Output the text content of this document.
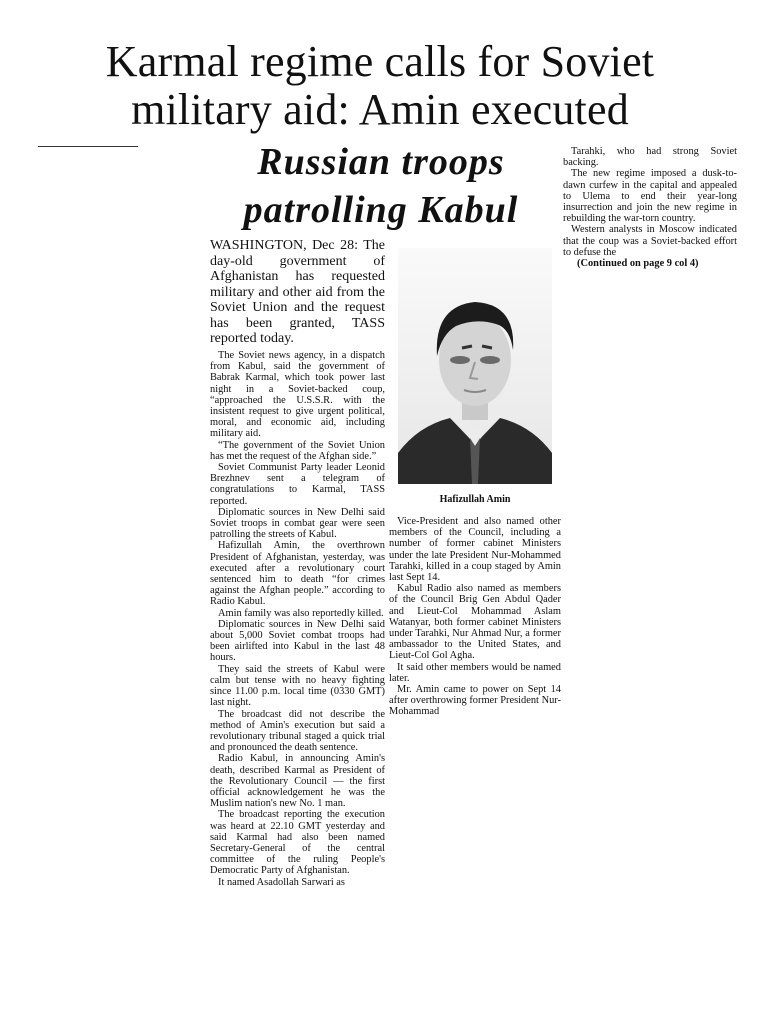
Karmal regime calls for Soviet
military aid: Amin executed
Russian troops
patrolling Kabul

WASHINGTON, Dec 28: The day-old government of Afghanistan has requested military and other aid from the Soviet Union and the request has been granted, TASS reported today.

The Soviet news agency, in a dispatch from Kabul, said the government of Babrak Karmal, which took power last night in a Soviet-backed coup, “approached the U.S.S.R. with the insistent request to give urgent political, moral, and economic aid, including military aid.

“The government of the Soviet Union has met the request of the Afghan side.”

Soviet Communist Party leader Leonid Brezhnev sent a telegram of congratulations to Karmal, TASS reported.

Diplomatic sources in New Delhi said Soviet troops in combat gear were seen patrolling the streets of Kabul.

Hafizullah Amin, the overthrown President of Afghanistan, yesterday, was executed after a revolutionary court sentenced him to death “for crimes against the Afghan people.” according to Radio Kabul.

Amin family was also reportedly killed.

Diplomatic sources in New Delhi said about 5,000 Soviet combat troops had been airlifted into Kabul in the last 48 hours.

They said the streets of Kabul were calm but tense with no heavy fighting since 11.00 p.m. local time (0330 GMT) last night.

The broadcast did not describe the method of Amin's execution but said a revolutionary tribunal staged a quick trial and pronounced the death sentence.

Radio Kabul, in announcing Amin's death, described Karmal as President of the Revolutionary Council — the first official acknowledgement he was the Muslim nation's new No. 1 man.

The broadcast reporting the execution was heard at 22.10 GMT yesterday and said Karmal had also been named Secretary-General of the central committee of the ruling People's Democratic Party of Afghanistan.

It named Asadollah Sarwari as

Hafizullah Amin

Vice-President and also named other members of the Council, including a number of former cabinet Ministers under the late President Nur-Mohammed Tarahki, killed in a coup staged by Amin last Sept 14.

Kabul Radio also named as members of the Council Brig Gen Abdul Qader and Lieut-Col Mohammad Aslam Watanyar, both former cabinet Ministers under Tarahki, Nur Ahmad Nur, a former ambassador to the United States, and Lieut-Col Gol Agha.

It said other members would be named later.

Mr. Amin came to power on Sept 14 after overthrowing former President Nur-Mohammad

Tarahki, who had strong Soviet backing.

The new regime imposed a dusk-to-dawn curfew in the capital and appealed to Ulema to end their year-long insurrection and join the new regime in rebuilding the war-torn country.

Western analysts in Moscow indicated that the coup was a Soviet-backed effort to defuse the

(Continued on page 9 col 4)
